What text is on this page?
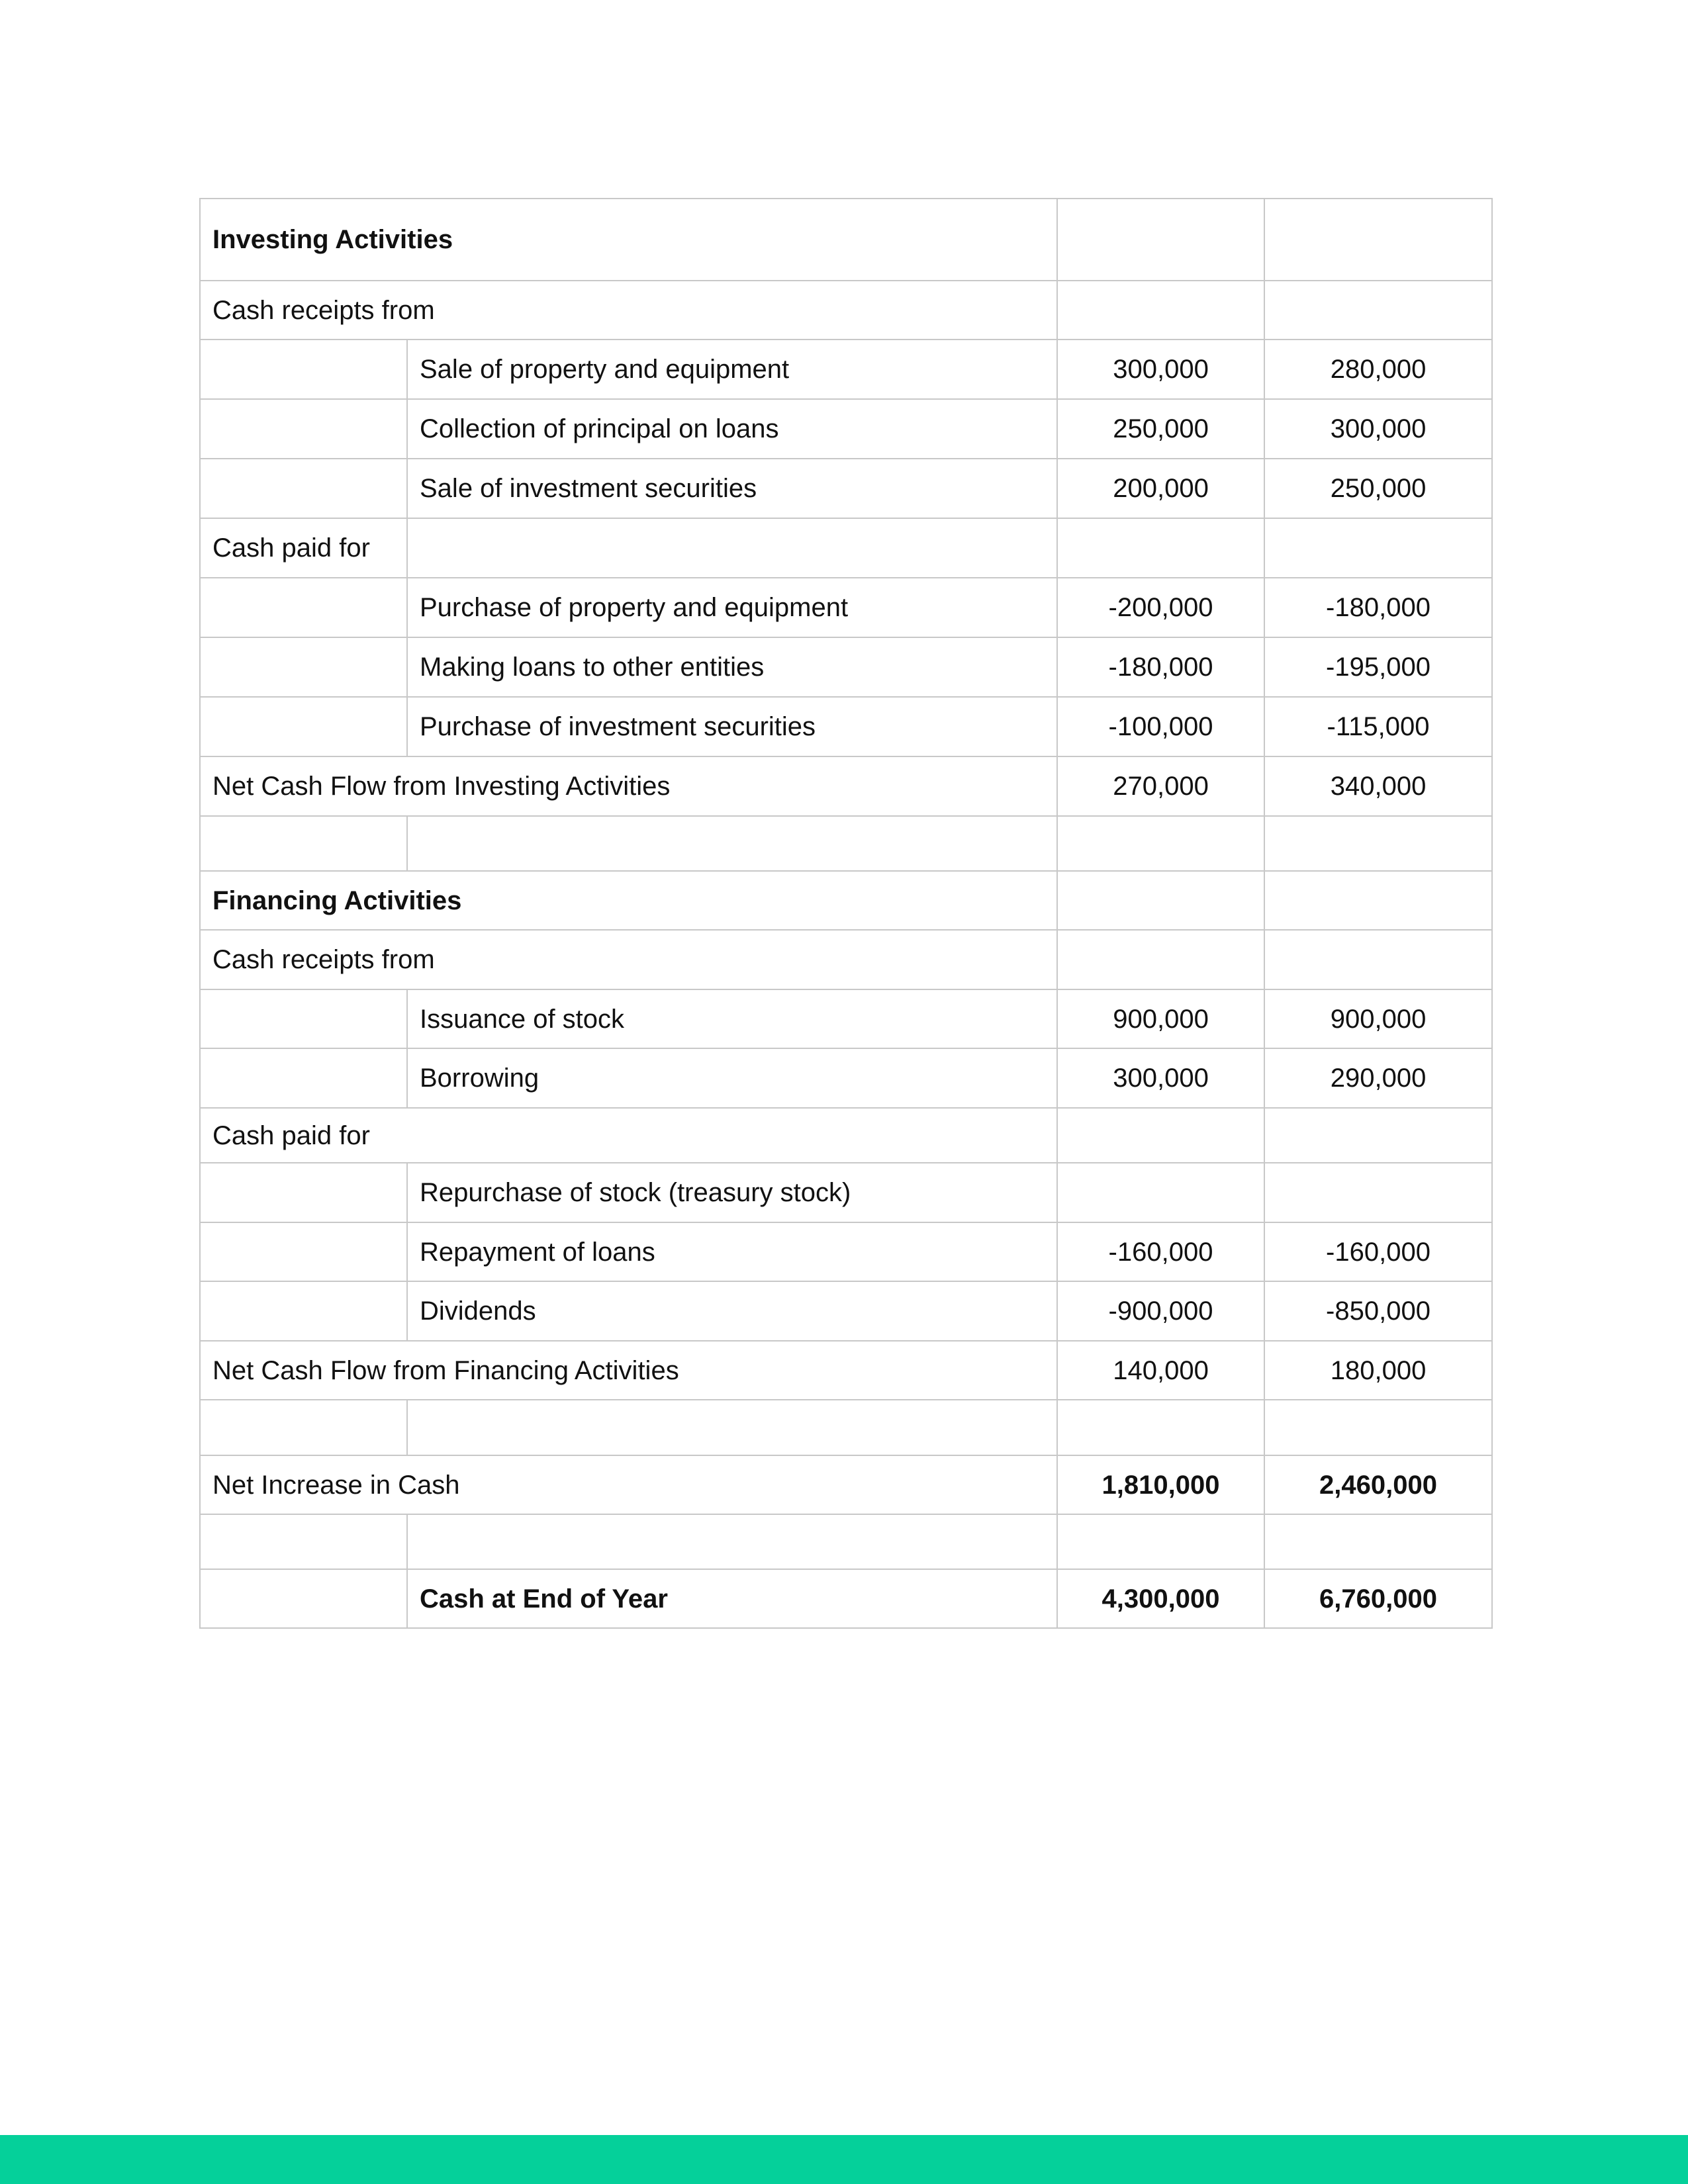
Investing Activities			
Cash receipts from			
	Sale of property and equipment	300,000	280,000
	Collection of principal on loans	250,000	300,000
	Sale of investment securities	200,000	250,000
Cash paid for			
	Purchase of property and equipment	-200,000	-180,000
	Making loans to other entities	-180,000	-195,000
	Purchase of investment securities	-100,000	-115,000
Net Cash Flow from Investing Activities		270,000	340,000

Financing Activities			
Cash receipts from			
	Issuance of stock	900,000	900,000
	Borrowing	300,000	290,000
Cash paid for			
	Repurchase of stock (treasury stock)		
	Repayment of loans	-160,000	-160,000
	Dividends	-900,000	-850,000
Net Cash Flow from Financing Activities		140,000	180,000

Net Increase in Cash		1,810,000	2,460,000

	Cash at End of Year	4,300,000	6,760,000
